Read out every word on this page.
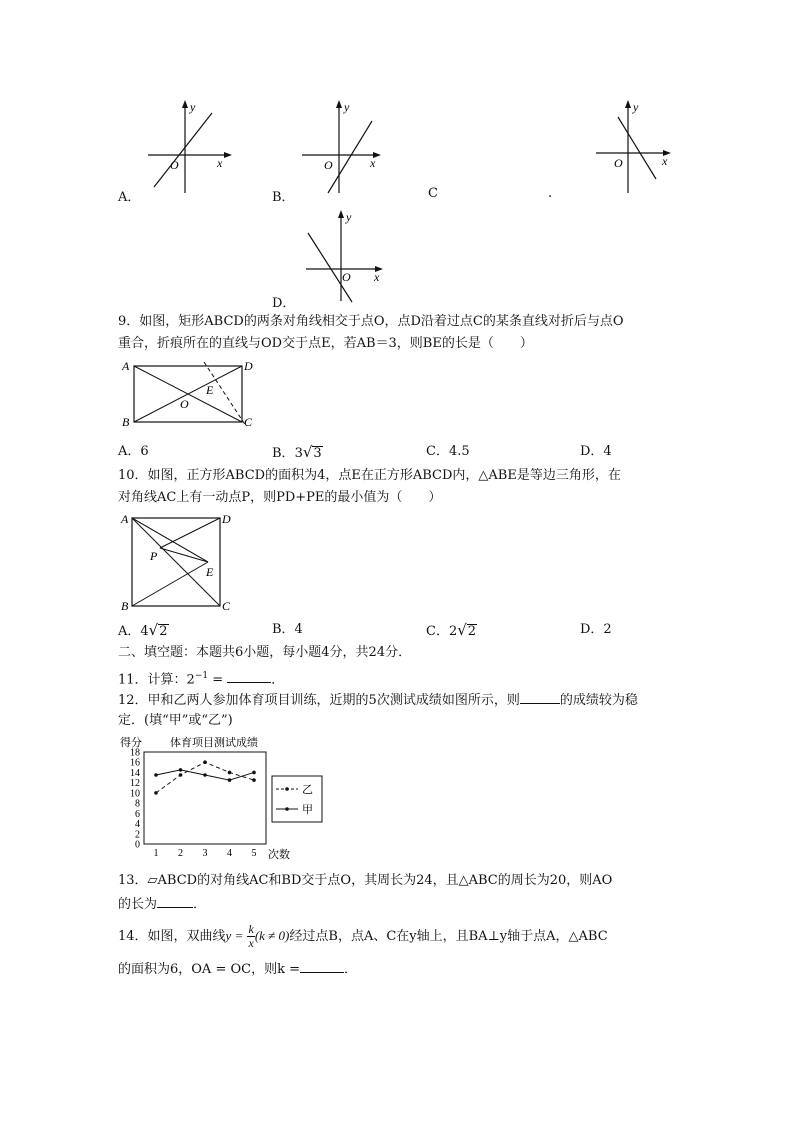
y
x
O
A．
y
x
O
B．	C	.
y
x
O
y
x
O
D．
9．如图，矩形ABCD的两条对角线相交于点O，点D沿着过点C的某条直线对折后与点O
重合，折痕所在的直线与OD交于点E，若AB＝3，则BE的长是（　　）
A	D
B	C
O
E
A．6	B．3√3	C．4.5	D．4
10．如图，正方形ABCD的面积为4，点E在正方形ABCD内，△ABE是等边三角形，在
对角线AC上有一动点P，则PD+PE的最小值为（　　）
A	D
B	C
P
E
A．4√2	B．4	C．2√2	D．2
二、填空题：本题共6小题，每小题4分，共24分．
11．计算：$2^{-1}$ =	．
12．甲和乙两人参加体育项目训练，近期的5次测试成绩如图所示，则	的成绩较为稳
定．(填“甲”或“乙”)
得分	体育项目测试成绩
次数
0
2
4
6
8
10
12
14
16
18
1 2 3 4 5
乙
甲
13．▱ABCD的对角线AC和BD交于点O，其周长为24，且△ABC的周长为20，则AO
的长为	．
14．如图，双曲线$y = \frac{k}{x}(k \ne 0)$经过点B，点A、C在y轴上，且BA⊥y轴于点A，△ABC
的面积为6，OA = OC，则k =	．
